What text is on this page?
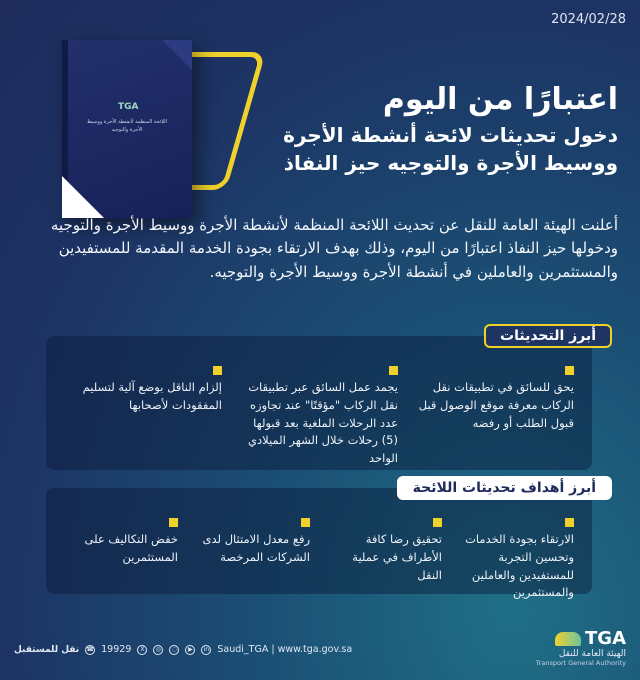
2024/02/28
TGA
اللائحة المنظمة لأنشطة الأجرة ووسيط الأجرة والتوجيه
اعتبارًا من اليوم
دخول تحديثات لائحة أنشطة الأجرة
ووسيط الأجرة والتوجيه حيز النفاذ
أعلنت الهيئة العامة للنقل عن تحديث اللائحة المنظمة لأنشطة الأجرة ووسيط الأجرة والتوجيه ودخولها حيز النفاذ اعتبارًا من اليوم، وذلك بهدف الارتقاء بجودة الخدمة المقدمة للمستفيدين والمستثمرين والعاملين في أنشطة الأجرة ووسيط الأجرة والتوجيه.
أبرز التحديثات
يحق للسائق في تطبيقات نقل الركاب معرفة موقع الوصول قبل قبول الطلب أو رفضه
يجمد عمل السائق عبر تطبيقات نقل الركاب "مؤقتًا" عند تجاوزه عدد الرحلات الملغية بعد قبولها (5) رحلات خلال الشهر الميلادي الواحد
إلزام الناقل بوضع آلية لتسليم المفقودات لأصحابها
أبرز أهداف تحديثات اللائحة
الارتقاء بجودة الخدمات وتحسين التجربة للمستفيدين والعاملين والمستثمرين
تحقيق رضا كافة الأطراف في عملية النقل
رفع معدل الامتثال لدى الشركات المرخصة
خفض التكاليف على المستثمرين
TGA
الهيئة العامة للنقل
Transport General Authority
نقل للمستقبل ☎ 19929	X	◎	◌	▶	in Saudi_TGA | www.tga.gov.sa
